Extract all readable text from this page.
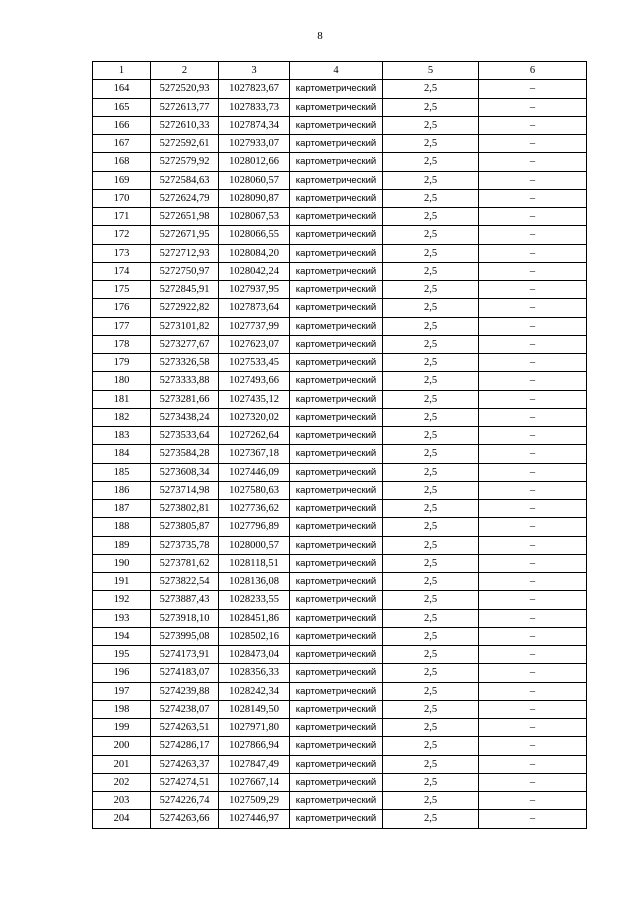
8
1	2	3	4	5	6
164	5272520,93	1027823,67	картометрический	2,5	–
165	5272613,77	1027833,73	картометрический	2,5	–
166	5272610,33	1027874,34	картометрический	2,5	–
167	5272592,61	1027933,07	картометрический	2,5	–
168	5272579,92	1028012,66	картометрический	2,5	–
169	5272584,63	1028060,57	картометрический	2,5	–
170	5272624,79	1028090,87	картометрический	2,5	–
171	5272651,98	1028067,53	картометрический	2,5	–
172	5272671,95	1028066,55	картометрический	2,5	–
173	5272712,93	1028084,20	картометрический	2,5	–
174	5272750,97	1028042,24	картометрический	2,5	–
175	5272845,91	1027937,95	картометрический	2,5	–
176	5272922,82	1027873,64	картометрический	2,5	–
177	5273101,82	1027737,99	картометрический	2,5	–
178	5273277,67	1027623,07	картометрический	2,5	–
179	5273326,58	1027533,45	картометрический	2,5	–
180	5273333,88	1027493,66	картометрический	2,5	–
181	5273281,66	1027435,12	картометрический	2,5	–
182	5273438,24	1027320,02	картометрический	2,5	–
183	5273533,64	1027262,64	картометрический	2,5	–
184	5273584,28	1027367,18	картометрический	2,5	–
185	5273608,34	1027446,09	картометрический	2,5	–
186	5273714,98	1027580,63	картометрический	2,5	–
187	5273802,81	1027736,62	картометрический	2,5	–
188	5273805,87	1027796,89	картометрический	2,5	–
189	5273735,78	1028000,57	картометрический	2,5	–
190	5273781,62	1028118,51	картометрический	2,5	–
191	5273822,54	1028136,08	картометрический	2,5	–
192	5273887,43	1028233,55	картометрический	2,5	–
193	5273918,10	1028451,86	картометрический	2,5	–
194	5273995,08	1028502,16	картометрический	2,5	–
195	5274173,91	1028473,04	картометрический	2,5	–
196	5274183,07	1028356,33	картометрический	2,5	–
197	5274239,88	1028242,34	картометрический	2,5	–
198	5274238,07	1028149,50	картометрический	2,5	–
199	5274263,51	1027971,80	картометрический	2,5	–
200	5274286,17	1027866,94	картометрический	2,5	–
201	5274263,37	1027847,49	картометрический	2,5	–
202	5274274,51	1027667,14	картометрический	2,5	–
203	5274226,74	1027509,29	картометрический	2,5	–
204	5274263,66	1027446,97	картометрический	2,5	–
